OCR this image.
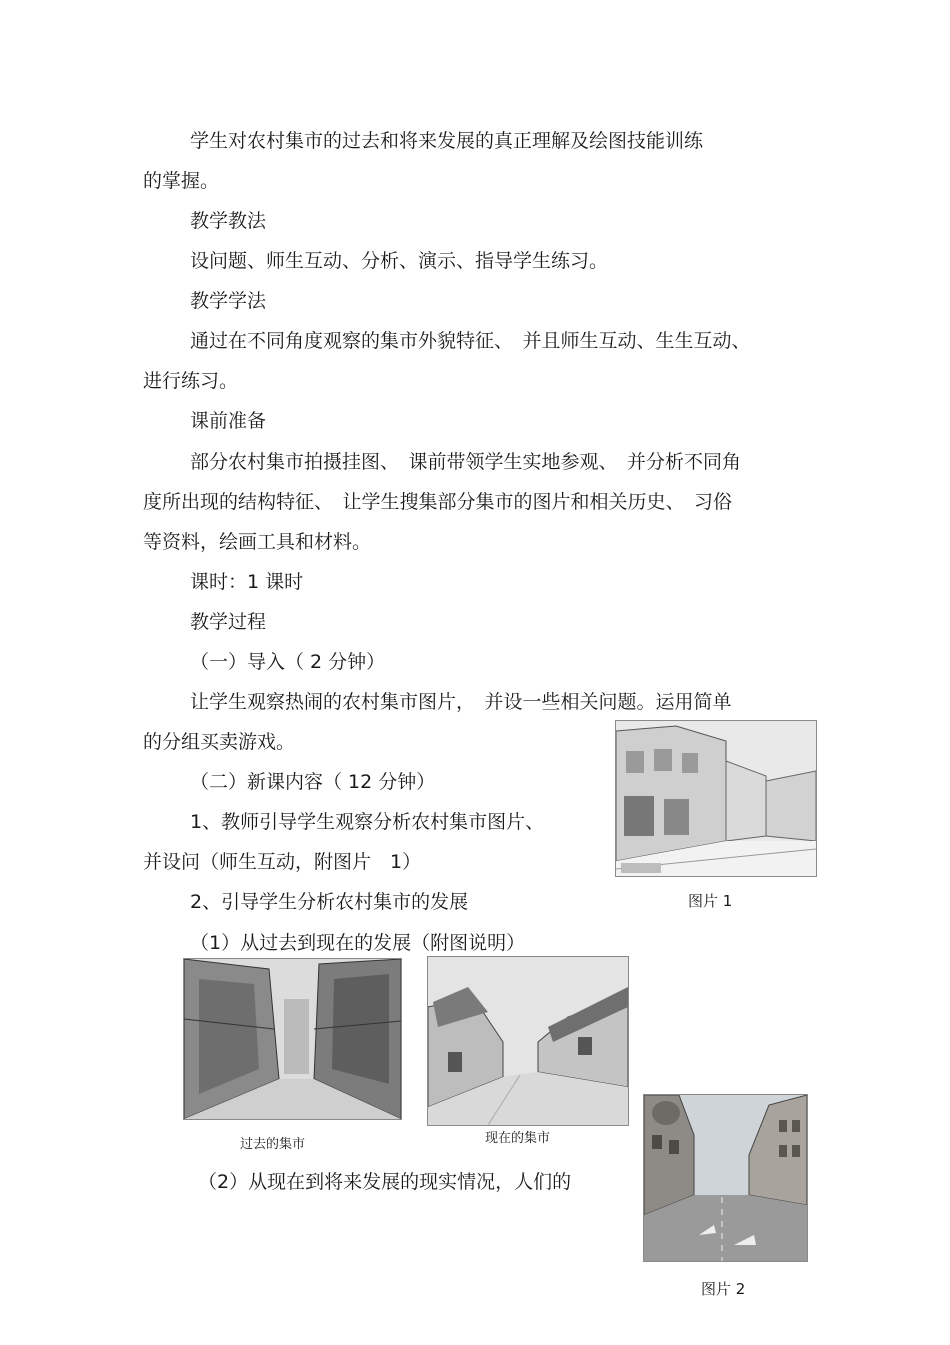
学生对农村集市的过去和将来发展的真正理解及绘图技能训练
的掌握。
教学教法
设问题、师生互动、分析、演示、指导学生练习。
教学学法
通过在不同角度观察的集市外貌特征、　并且师生互动、生生互动、
进行练习。
课前准备
部分农村集市拍摄挂图、　课前带领学生实地参观、　并分析不同角
度所出现的结构特征、　让学生搜集部分集市的图片和相关历史、　习俗
等资料，绘画工具和材料。
课时：1 课时
教学过程
（一）导入（ 2 分钟）
让学生观察热闹的农村集市图片，　并设一些相关问题。运用简单
的分组买卖游戏。
（二）新课内容（ 12 分钟）
1、教师引导学生观察分析农村集市图片、
并设问（师生互动，附图片　1）
2、引导学生分析农村集市的发展
（1）从过去到现在的发展（附图说明）
（2）从现在到将来发展的现实情况，人们的
图片 1
过去的集市	现在的集市
图片 2
